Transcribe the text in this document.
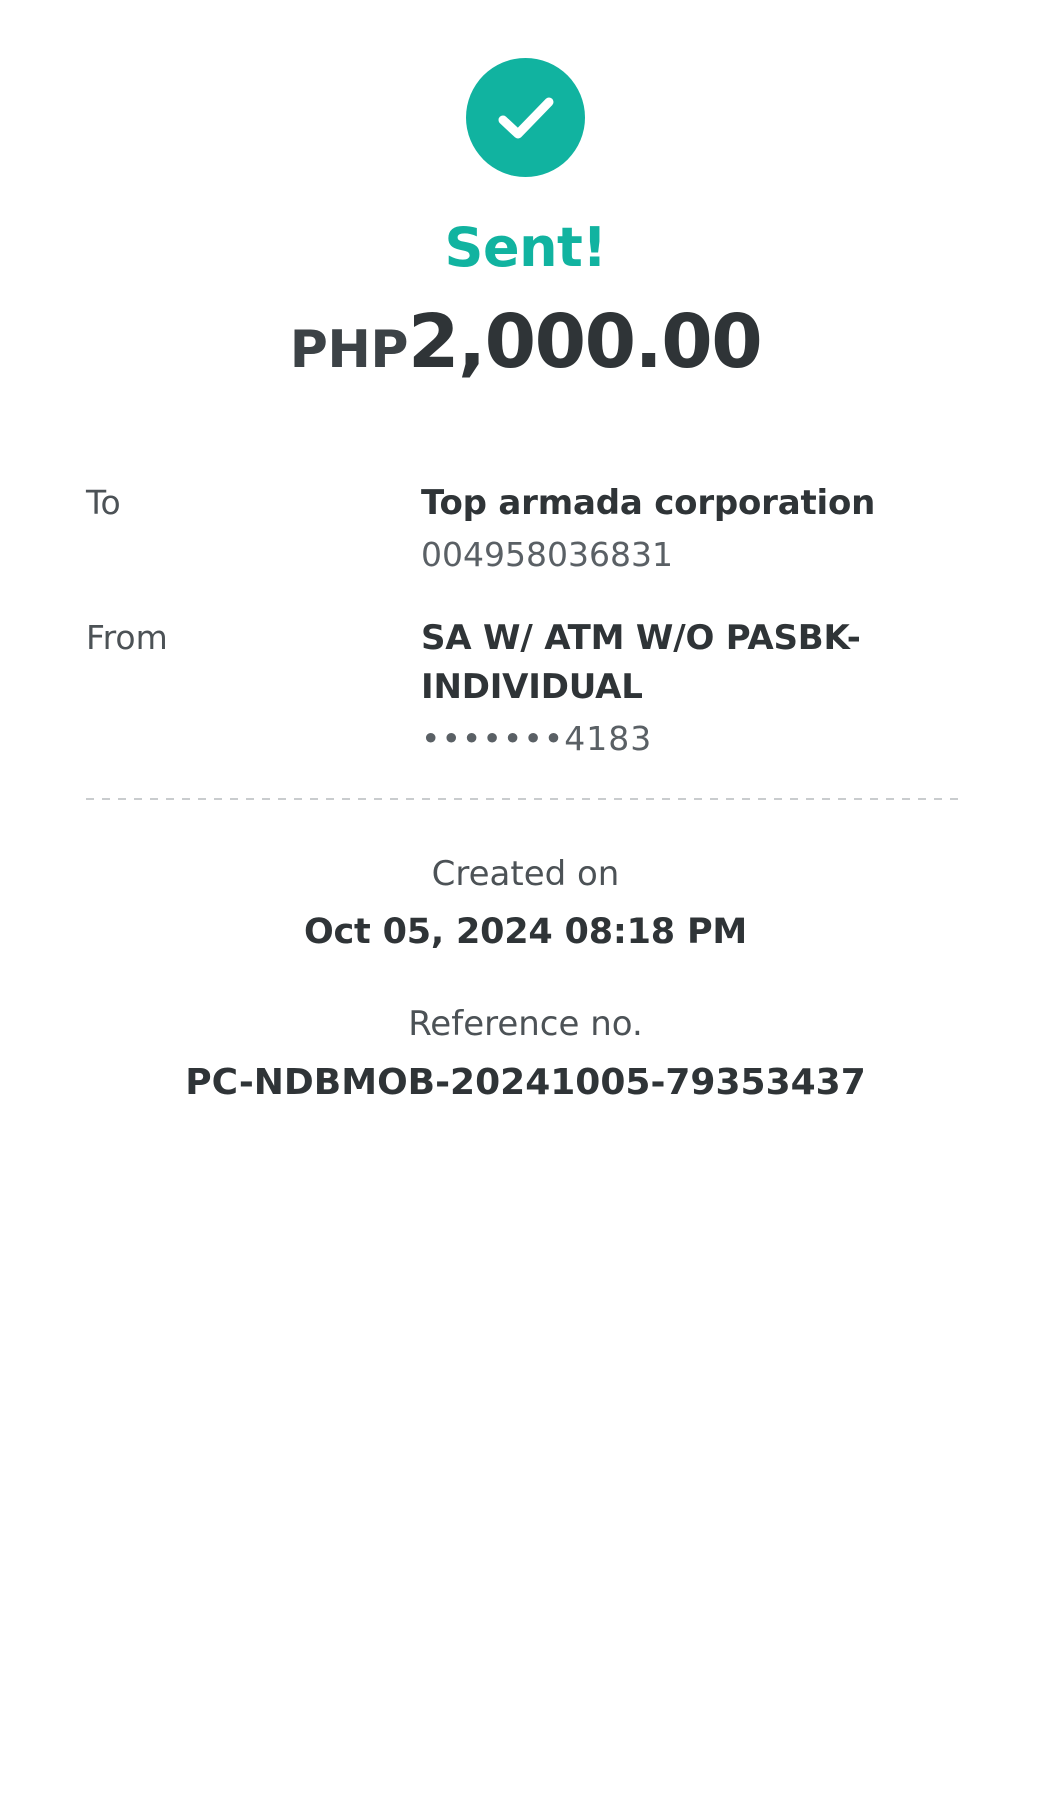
Sent!
PHP2,000.00
To	Top armada corporation
004958036831
From	SA W/ ATM W/O PASBK-INDIVIDUAL
•••••••4183
Created on
Oct 05, 2024 08:18 PM
Reference no.
PC-NDBMOB-20241005-79353437
